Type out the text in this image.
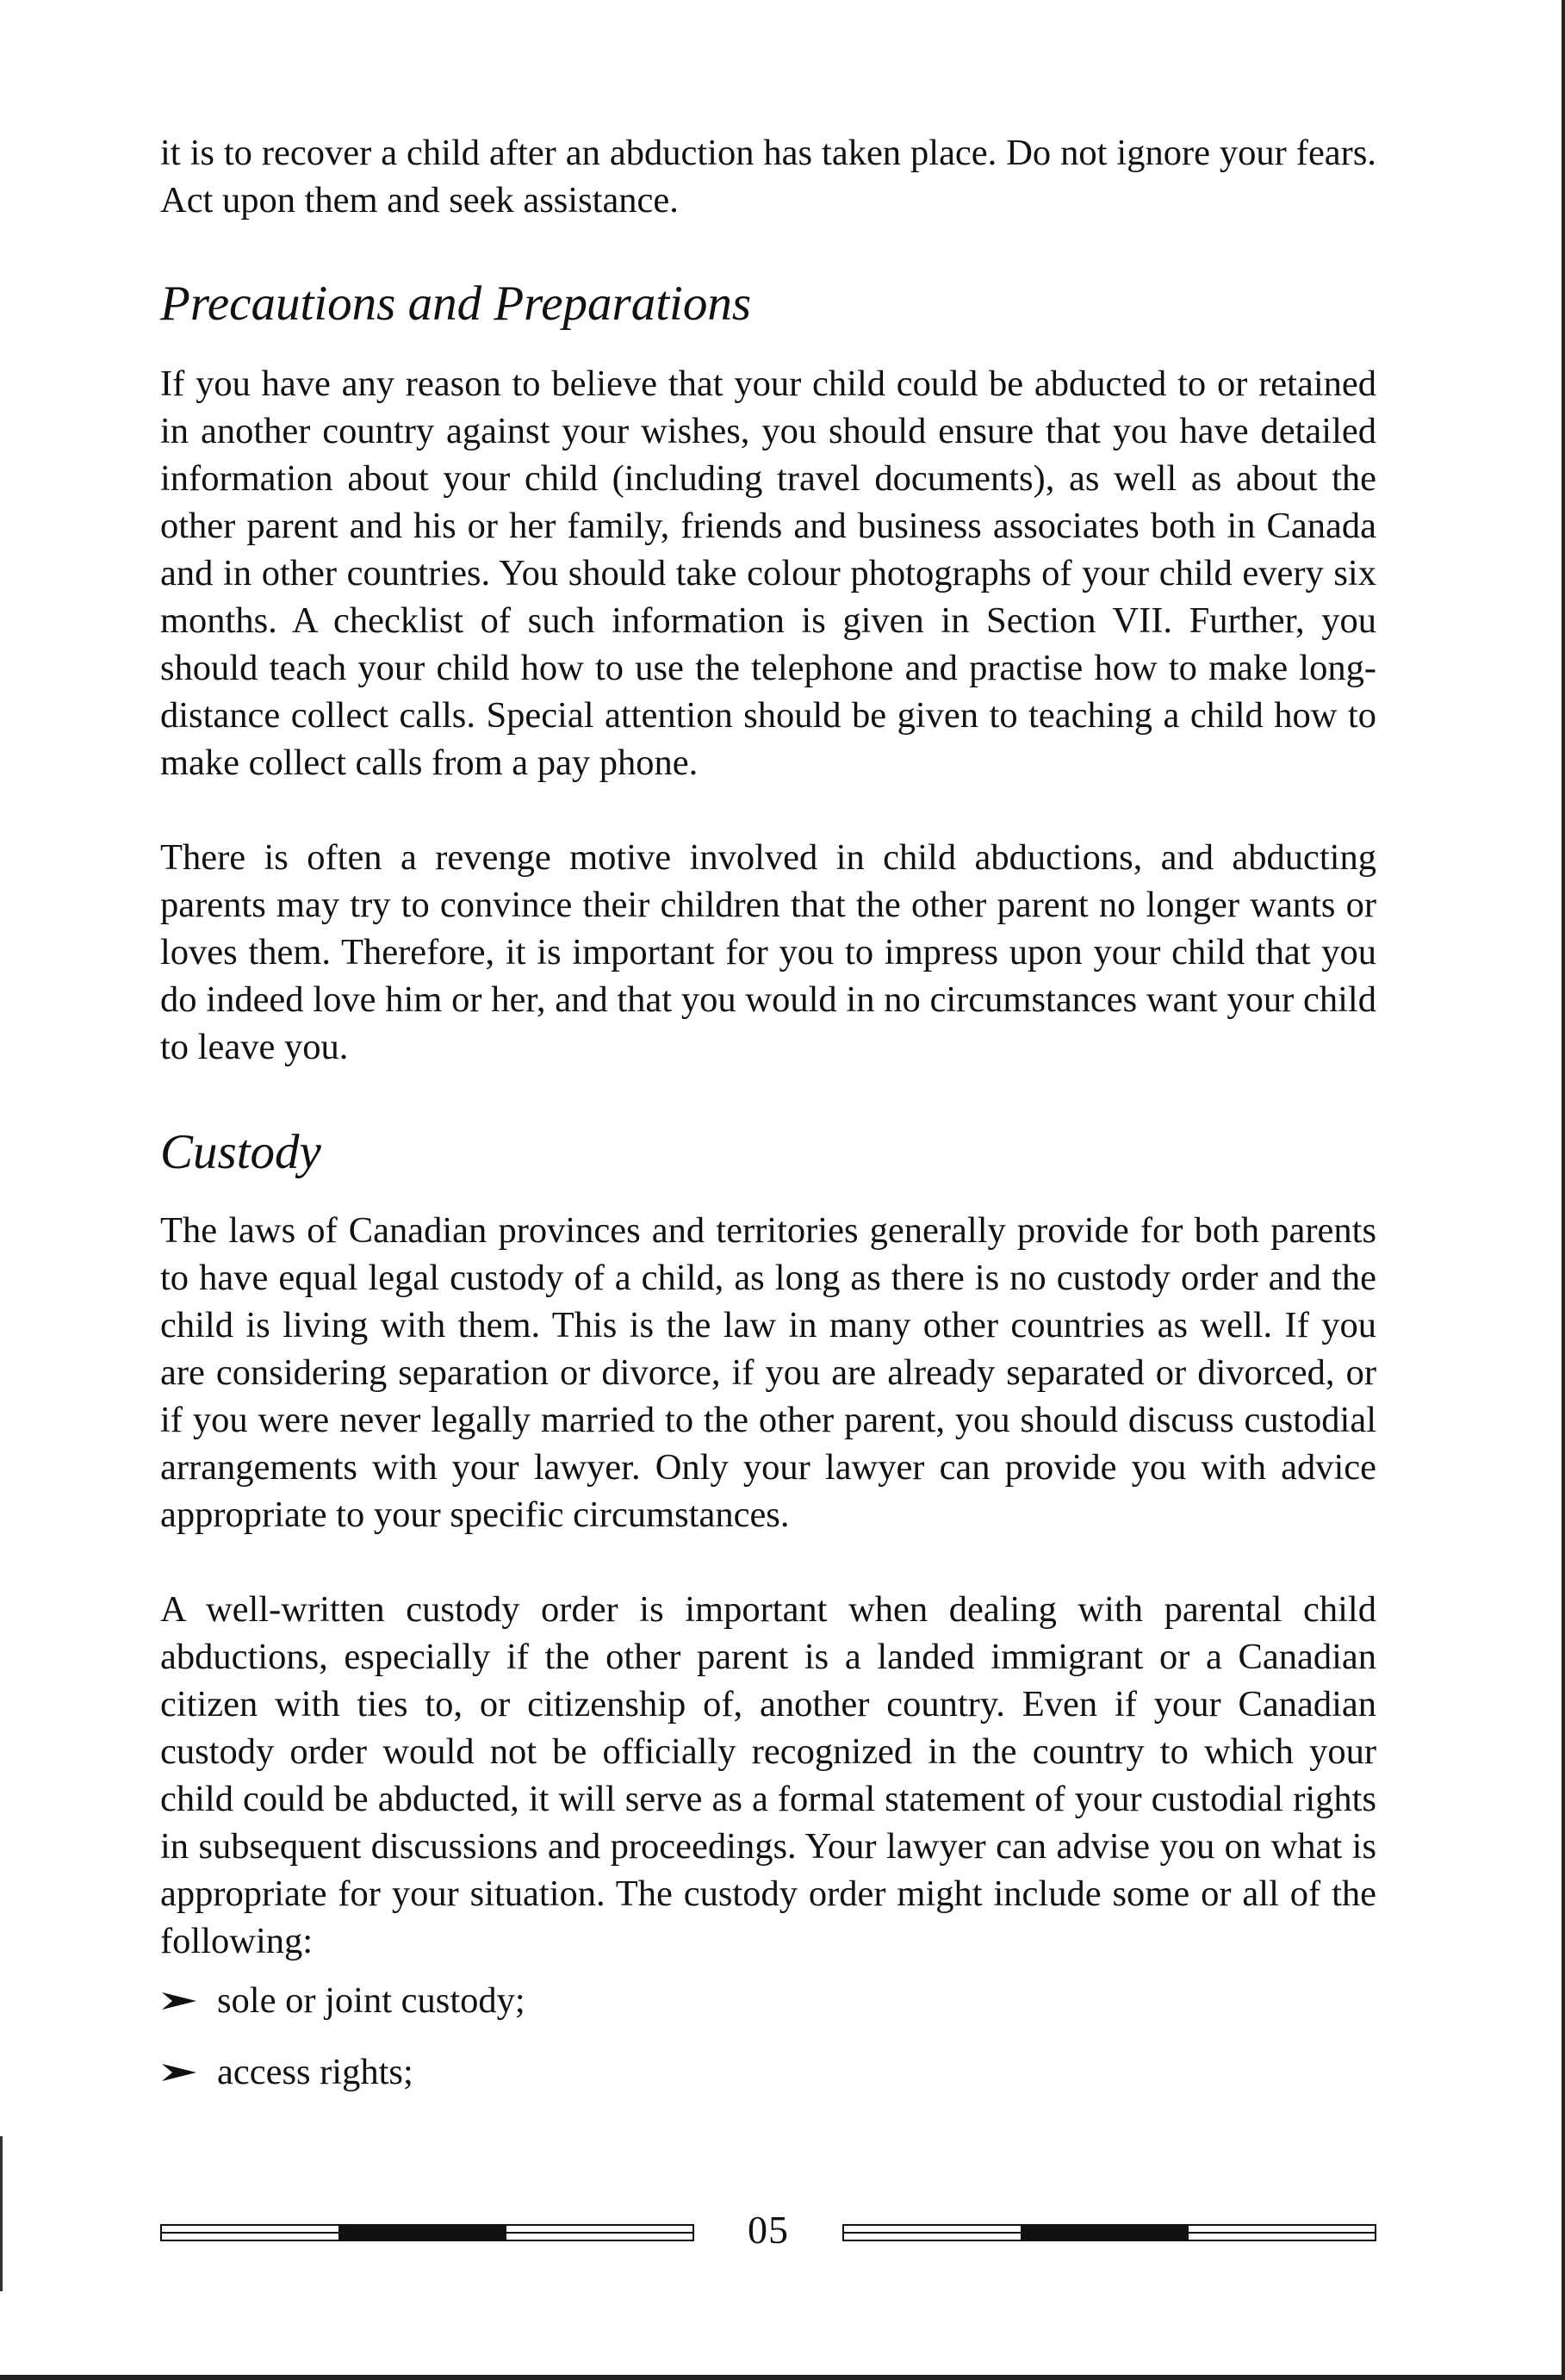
it is to recover a child after an abduction has taken place. Do not ignore your fears. Act upon them and seek assistance.

Precautions and Preparations

If you have any reason to believe that your child could be abducted to or retained in another country against your wishes, you should ensure that you have detailed information about your child (including travel documents), as well as about the other parent and his or her family, friends and business associates both in Canada and in other countries. You should take colour photographs of your child every six months. A checklist of such information is given in Section VII. Further, you should teach your child how to use the telephone and practise how to make long-distance collect calls. Special attention should be given to teaching a child how to make collect calls from a pay phone.

There is often a revenge motive involved in child abductions, and abducting parents may try to convince their children that the other parent no longer wants or loves them. Therefore, it is important for you to impress upon your child that you do indeed love him or her, and that you would in no circumstances want your child to leave you.

Custody

The laws of Canadian provinces and territories generally provide for both parents to have equal legal custody of a child, as long as there is no custody order and the child is living with them. This is the law in many other countries as well. If you are considering separation or divorce, if you are already separated or divorced, or if you were never legally married to the other parent, you should discuss custodial arrangements with your lawyer. Only your lawyer can provide you with advice appropriate to your specific circumstances.

A well-written custody order is important when dealing with parental child abductions, especially if the other parent is a landed immigrant or a Canadian citizen with ties to, or citizenship of, another country. Even if your Canadian custody order would not be officially recognized in the country to which your child could be abducted, it will serve as a formal statement of your custodial rights in subsequent discussions and proceedings. Your lawyer can advise you on what is appropriate for your situation. The custody order might include some or all of the following:

sole or joint custody;
access rights;
05
